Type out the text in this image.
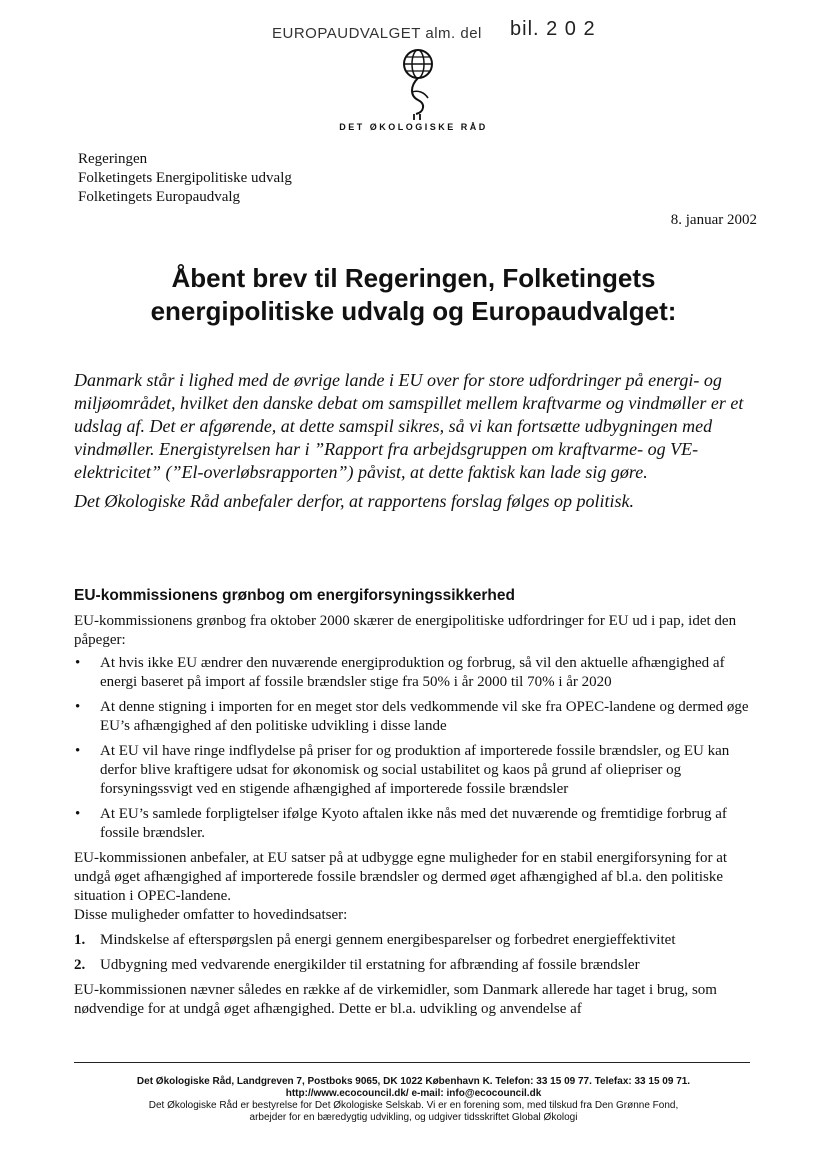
EUROPAUDVALGET alm. del bil. 2 0 2
DET ØKOLOGISKE RÅD
Regeringen
Folketingets Energipolitiske udvalg
Folketingets Europaudvalg
8. januar 2002
Åbent brev til Regeringen, Folketingets
energipolitiske udvalg og Europaudvalget:

Danmark står i lighed med de øvrige lande i EU over for store udfordringer på energi- og miljøområdet, hvilket den danske debat om samspillet mellem kraftvarme og vindmøller er et udslag af. Det er afgørende, at dette samspil sikres, så vi kan fortsætte udbygningen med vindmøller. Energistyrelsen har i ”Rapport fra arbejdsgruppen om kraftvarme- og VE-elektricitet” (”El-overløbsrapporten”) påvist, at dette faktisk kan lade sig gøre.

Det Økologiske Råd anbefaler derfor, at rapportens forslag følges op politisk.

EU-kommissionens grønbog om energiforsyningssikkerhed

EU-kommissionens grønbog fra oktober 2000 skærer de energipolitiske udfordringer for EU ud i pap, idet den påpeger:

• At hvis ikke EU ændrer den nuværende energiproduktion og forbrug, så vil den aktuelle afhængighed af energi baseret på import af fossile brændsler stige fra 50% i år 2000 til 70% i år 2020
• At denne stigning i importen for en meget stor dels vedkommende vil ske fra OPEC-landene og dermed øge EU’s afhængighed af den politiske udvikling i disse lande
• At EU vil have ringe indflydelse på priser for og produktion af importerede fossile brændsler, og EU kan derfor blive kraftigere udsat for økonomisk og social ustabilitet og kaos på grund af oliepriser og forsyningssvigt ved en stigende afhængighed af importerede fossile brændsler
• At EU’s samlede forpligtelser ifølge Kyoto aftalen ikke nås med det nuværende og fremtidige forbrug af fossile brændsler.

EU-kommissionen anbefaler, at EU satser på at udbygge egne muligheder for en stabil energiforsyning for at undgå øget afhængighed af importerede fossile brændsler og dermed øget afhængighed af bl.a. den politiske situation i OPEC-landene.

Disse muligheder omfatter to hovedindsatser:

1. Mindskelse af efterspørgslen på energi gennem energibesparelser og forbedret energieffektivitet
2. Udbygning med vedvarende energikilder til erstatning for afbrænding af fossile brændsler

EU-kommissionen nævner således en række af de virkemidler, som Danmark allerede har taget i brug, som nødvendige for at undgå øget afhængighed. Dette er bl.a. udvikling og anvendelse af

Det Økologiske Råd, Landgreven 7, Postboks 9065, DK 1022 København K. Telefon: 33 15 09 77. Telefax: 33 15 09 71.
http://www.ecocouncil.dk/ e-mail: info@ecocouncil.dk
Det Økologiske Råd er bestyrelse for Det Økologiske Selskab. Vi er en forening som, med tilskud fra Den Grønne Fond,
arbejder for en bæredygtig udvikling, og udgiver tidsskriftet Global Økologi
